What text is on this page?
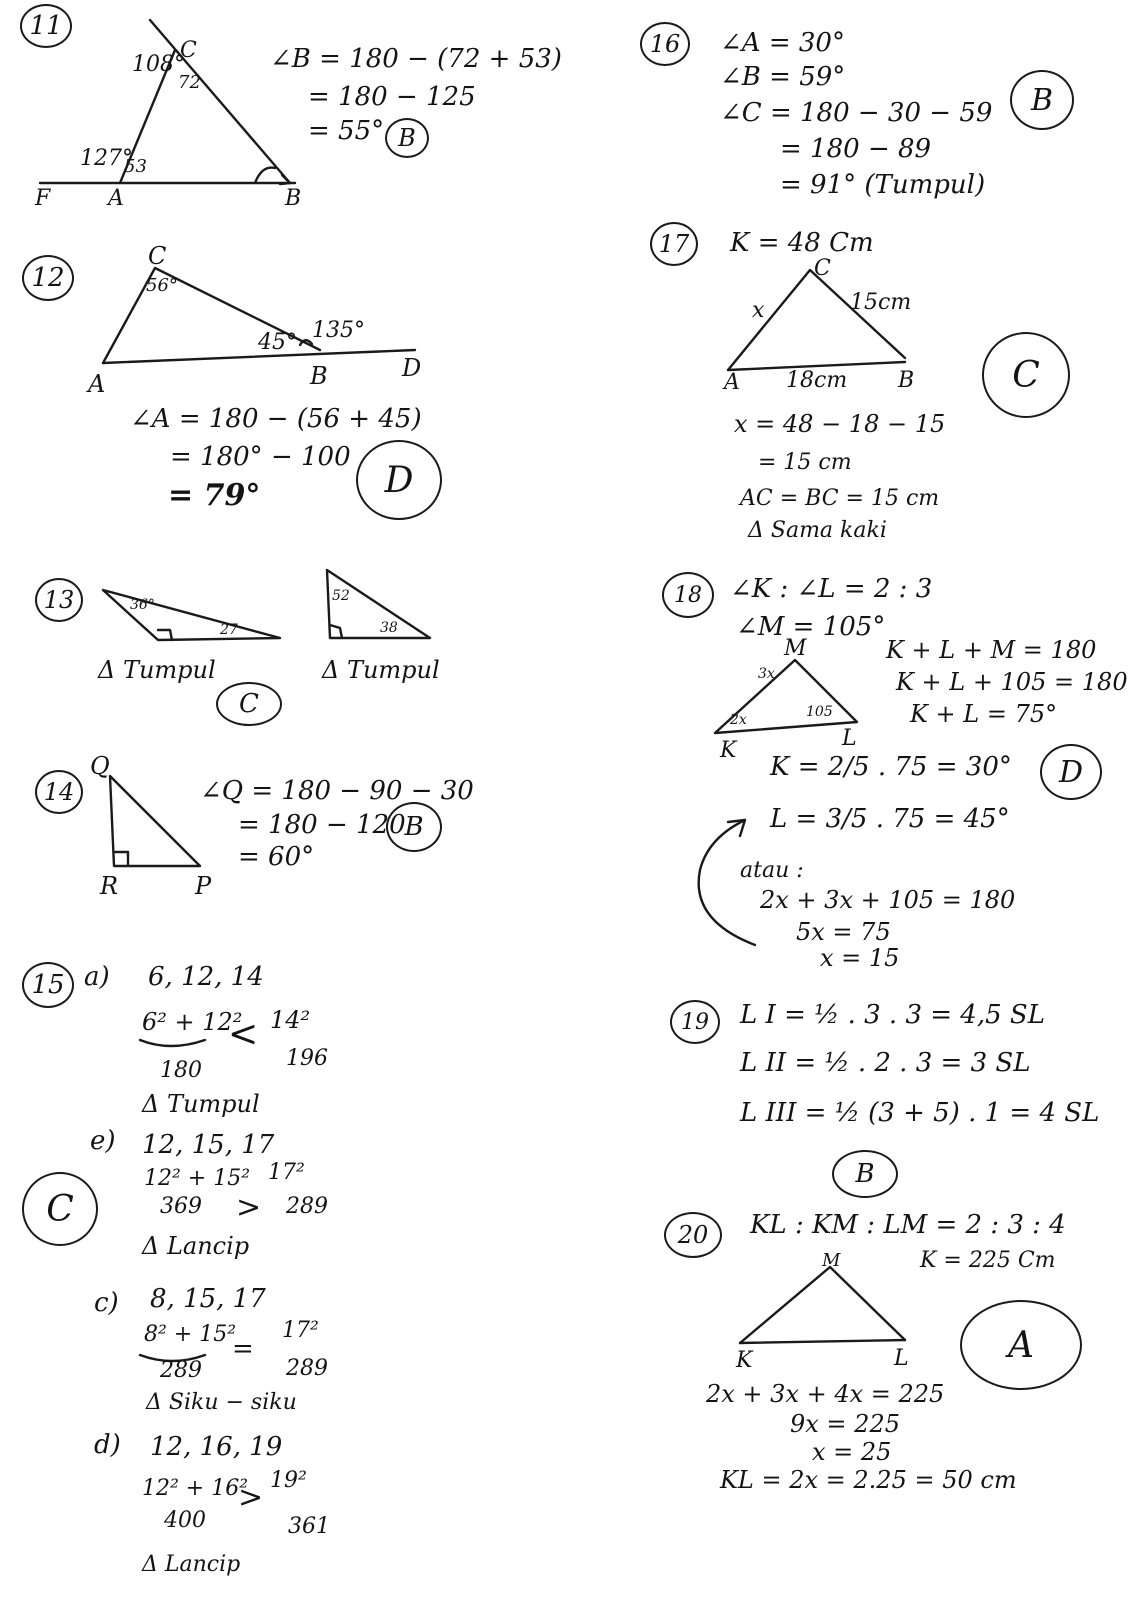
11
108°
C
72
127°
53
F	A	B
∠B = 180 − (72 + 53)
= 180 − 125
= 55° B
12
C
56°
45° 135°
A	B	D
∠A = 180 − (56 + 45)
= 180° − 100
= 79°	D
13	36°
27
Δ Tumpul
52
38
Δ Tumpul
C
14
Q
R	P
∠Q = 180 − 90 − 30
= 180 − 120
= 60°
B
15 a) 6, 12, 14
6² + 12²
< 14²
180	196
Δ Tumpul
e) 12, 15, 17
12² + 15² 17²
369 > 289
Δ Lancip
C
c) 8, 15, 17
8² + 15²
=
17²
289	289
Δ Siku − siku
d) 12, 16, 19
12² + 16²
> 19²
400	361
Δ Lancip
16	∠A = 30°
∠B = 59°
∠C = 180 − 30 − 59
= 180 − 89
= 91° (Tumpul)
B
17	K = 48 Cm
C
x	15cm
A 18cm B
x = 48 − 18 − 15
= 15 cm
AC = BC = 15 cm
Δ Sama kaki
C
18	∠K : ∠L = 2 : 3
∠M = 105°
M
3x
2x	105
K	L
K + L + M = 180
K + L + 105 = 180
K + L = 75°
K = 2/5 . 75 = 30°
L = 3/5 . 75 = 45°
D
atau :
2x + 3x + 105 = 180
5x = 75
x = 15
19	L I = ½ . 3 . 3 = 4,5 SL
L II = ½ . 2 . 3 = 3 SL
L III = ½ (3 + 5) . 1 = 4 SL
B
20	KL : KM : LM = 2 : 3 : 4
K = 225 Cm
M
K	L	A
2x + 3x + 4x = 225
9x = 225
x = 25
KL = 2x = 2.25 = 50 cm
